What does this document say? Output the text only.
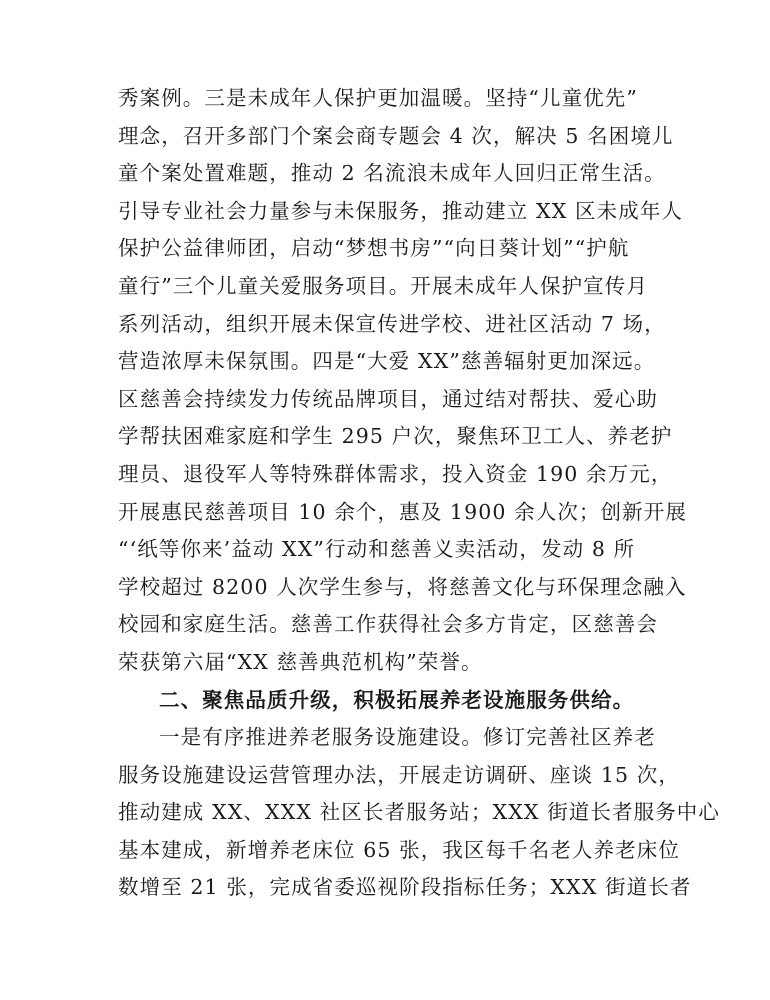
秀案例。三是未成年人保护更加温暖。坚持“儿童优先”
理念，召开多部门个案会商专题会 4 次，解决 5 名困境儿
童个案处置难题，推动 2 名流浪未成年人回归正常生活。
引导专业社会力量参与未保服务，推动建立 XX 区未成年人
保护公益律师团，启动“梦想书房”“向日葵计划”“护航
童行”三个儿童关爱服务项目。开展未成年人保护宣传月
系列活动，组织开展未保宣传进学校、进社区活动 7 场，
营造浓厚未保氛围。四是“大爱 XX”慈善辐射更加深远。
区慈善会持续发力传统品牌项目，通过结对帮扶、爱心助
学帮扶困难家庭和学生 295 户次，聚焦环卫工人、养老护
理员、退役军人等特殊群体需求，投入资金 190 余万元，
开展惠民慈善项目 10 余个，惠及 1900 余人次；创新开展
“‘纸等你来’益动 XX”行动和慈善义卖活动，发动 8 所
学校超过 8200 人次学生参与，将慈善文化与环保理念融入
校园和家庭生活。慈善工作获得社会多方肯定，区慈善会
荣获第六届“XX 慈善典范机构”荣誉。
二、聚焦品质升级，积极拓展养老设施服务供给。
一是有序推进养老服务设施建设。修订完善社区养老
服务设施建设运营管理办法，开展走访调研、座谈 15 次，
推动建成 XX、XXX 社区长者服务站；XXX 街道长者服务中心
基本建成，新增养老床位 65 张，我区每千名老人养老床位
数增至 21 张，完成省委巡视阶段指标任务；XXX 街道长者
